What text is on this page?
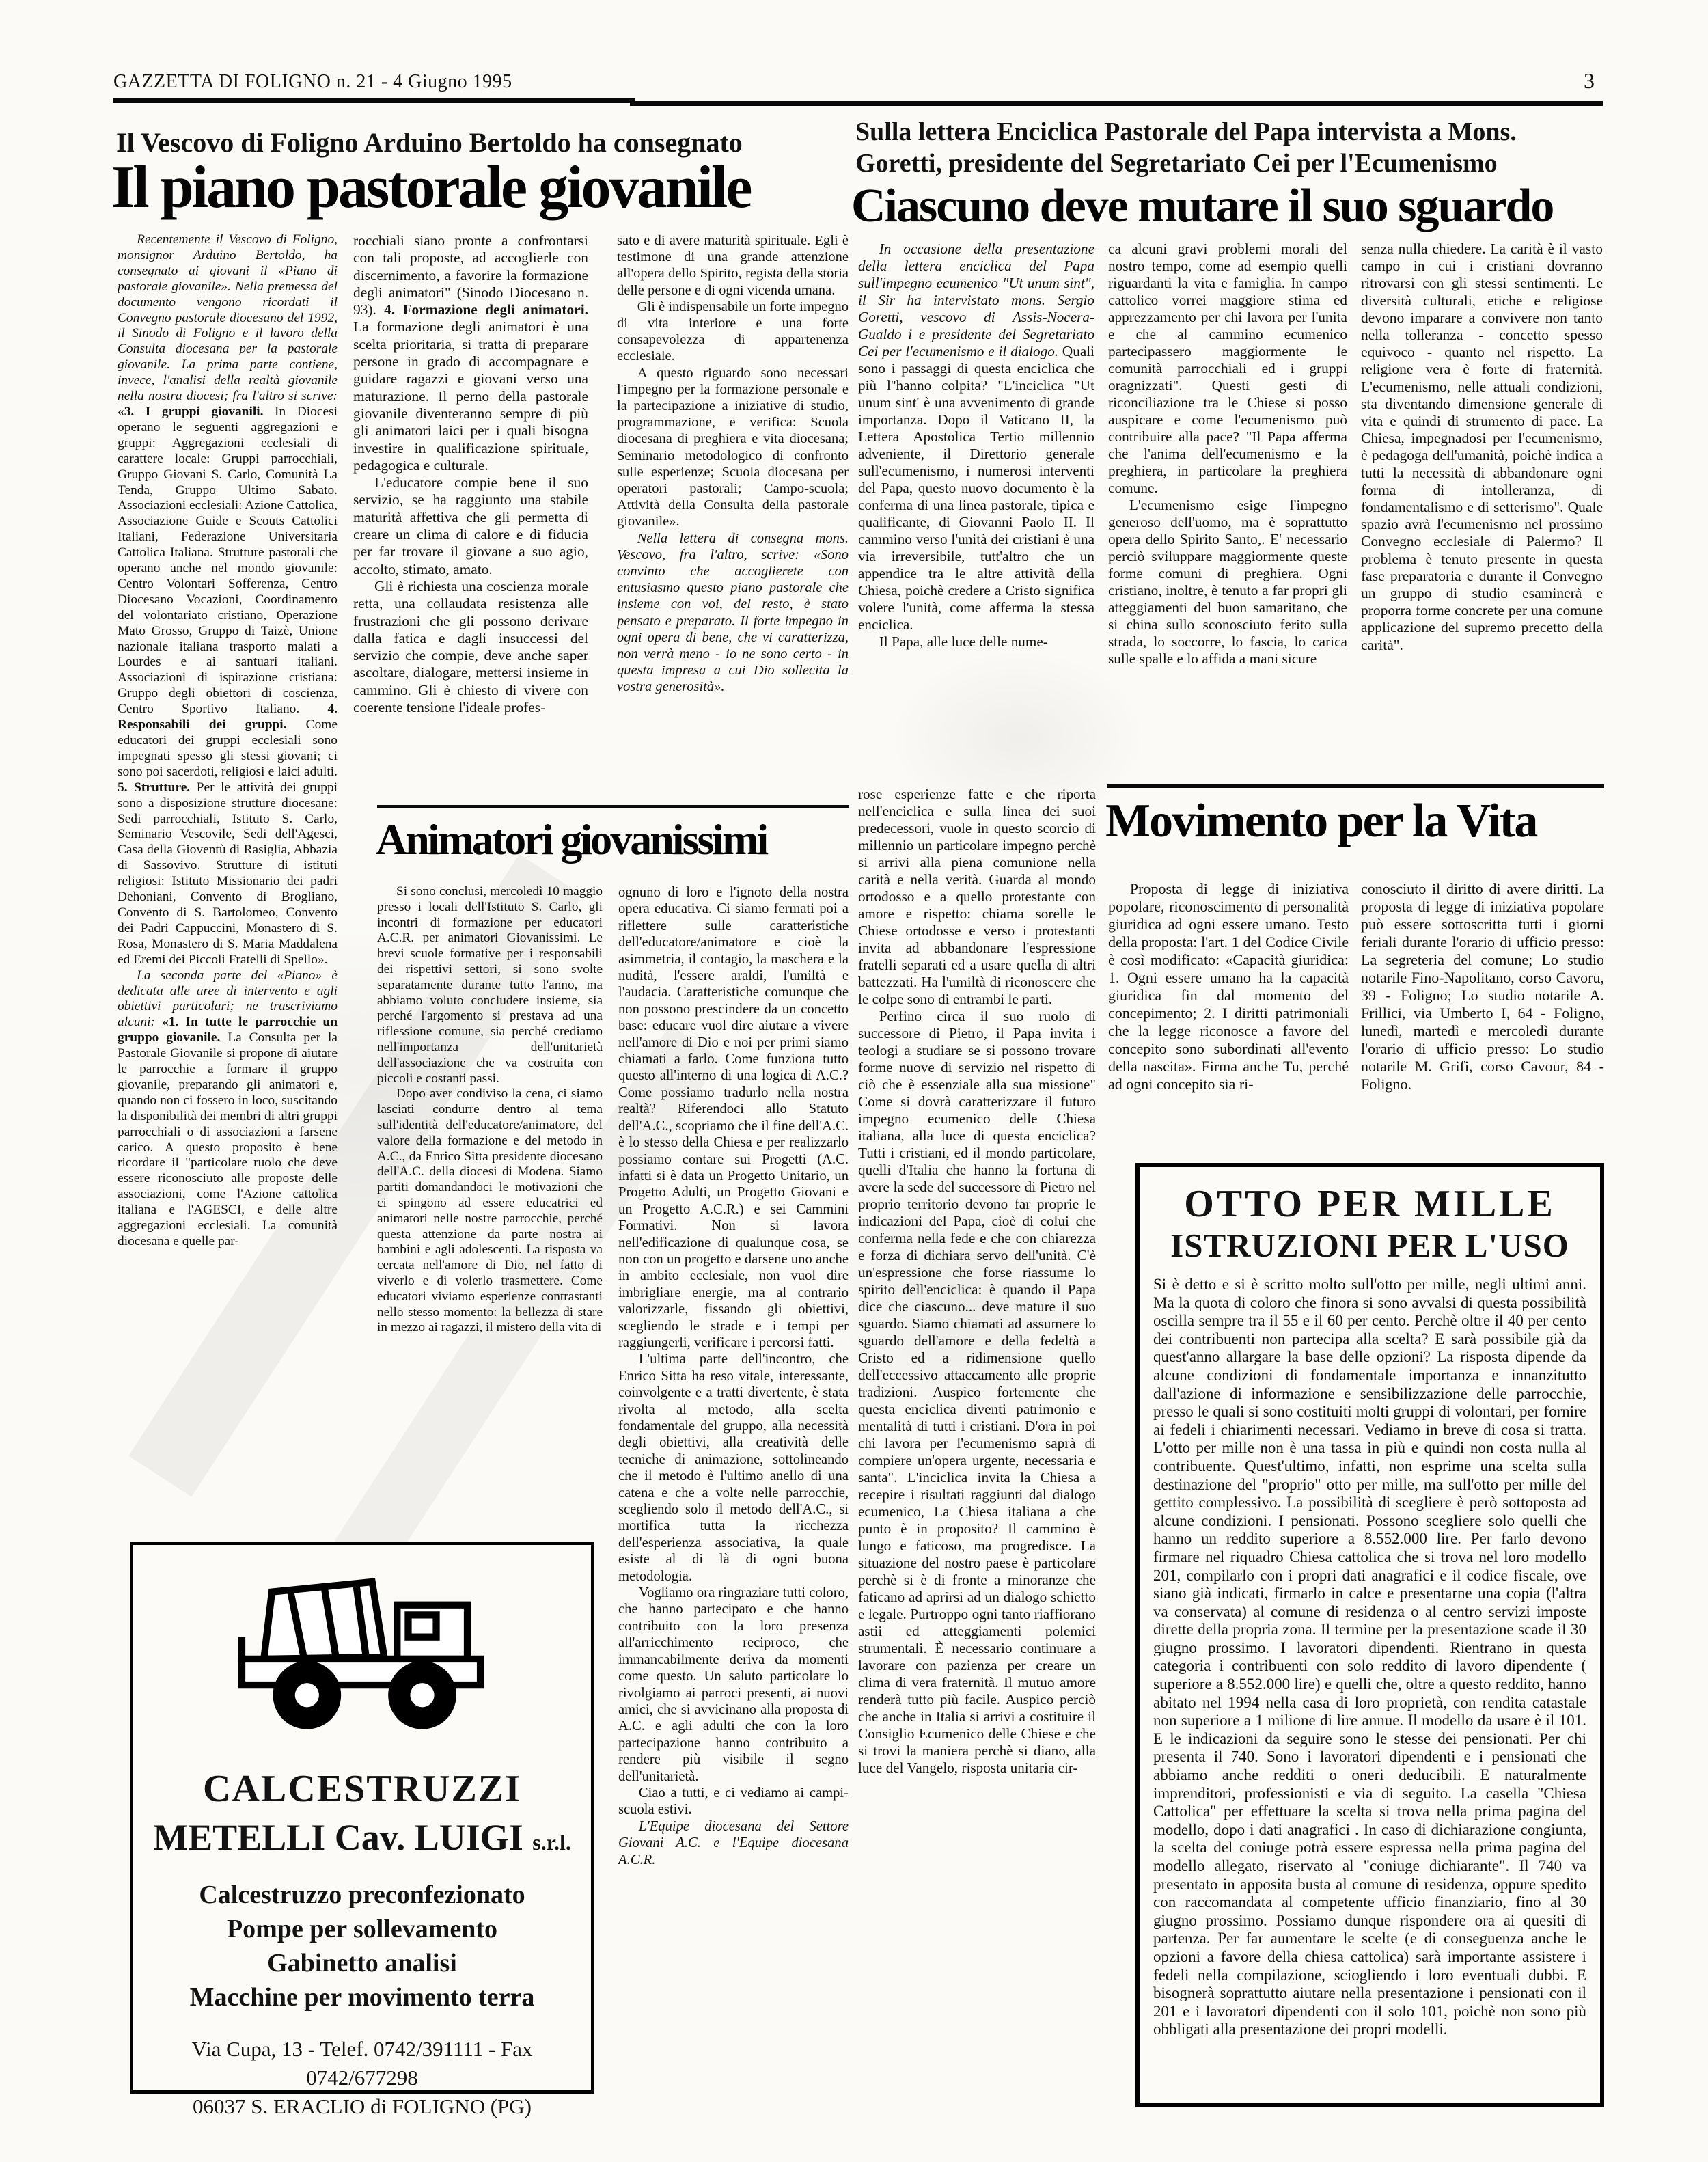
GAZZETTA DI FOLIGNO n. 21 - 4 Giugno 1995	3
Il Vescovo di Foligno Arduino Bertoldo ha consegnato
Il piano pastorale giovanile

Recentemente il Vescovo di Foligno, monsignor Arduino Bertoldo, ha consegnato ai giovani il «Piano di pastorale giovanile». Nella premessa del documento vengono ricordati il Convegno pastorale diocesano del 1992, il Sinodo di Foligno e il lavoro della Consulta diocesana per la pastorale giovanile. La prima parte contiene, invece, l'analisi della realtà giovanile nella nostra diocesi; fra l'altro si scrive: «3. I gruppi giovanili. In Diocesi operano le seguenti aggregazioni e gruppi: Aggregazioni ecclesiali di carattere locale: Gruppi parrocchiali, Gruppo Giovani S. Carlo, Comunità La Tenda, Gruppo Ultimo Sabato. Associazioni ecclesiali: Azione Cattolica, Associazione Guide e Scouts Cattolici Italiani, Federazione Universitaria Cattolica Italiana. Strutture pastorali che operano anche nel mondo giovanile: Centro Volontari Sofferenza, Centro Diocesano Vocazioni, Coordinamento del volontariato cristiano, Operazione Mato Grosso, Gruppo di Taizè, Unione nazionale italiana trasporto malati a Lourdes e ai santuari italiani. Associazioni di ispirazione cristiana: Gruppo degli obiettori di coscienza, Centro Sportivo Italiano. 4. Responsabili dei gruppi. Come educatori dei gruppi ecclesiali sono impegnati spesso gli stessi giovani; ci sono poi sacerdoti, religiosi e laici adulti. 5. Strutture. Per le attività dei gruppi sono a disposizione strutture diocesane: Sedi parrocchiali, Istituto S. Carlo, Seminario Vescovile, Sedi dell'Agesci, Casa della Gioventù di Rasiglia, Abbazia di Sassovivo. Strutture di istituti religiosi: Istituto Missionario dei padri Dehoniani, Convento di Brogliano, Convento di S. Bartolomeo, Convento dei Padri Cappuccini, Monastero di S. Rosa, Monastero di S. Maria Maddalena ed Eremi dei Piccoli Fratelli di Spello».

La seconda parte del «Piano» è dedicata alle aree di intervento e agli obiettivi particolari; ne trascriviamo alcuni: «1. In tutte le parrocchie un gruppo giovanile. La Consulta per la Pastorale Giovanile si propone di aiutare le parrocchie a formare il gruppo giovanile, preparando gli animatori e, quando non ci fossero in loco, suscitando la disponibilità dei membri di altri gruppi parrocchiali o di associazioni a farsene carico. A questo proposito è bene ricordare il "particolare ruolo che deve essere riconosciuto alle proposte delle associazioni, come l'Azione cattolica italiana e l'AGESCI, e delle altre aggregazioni ecclesiali. La comunità diocesana e quelle par-

rocchiali siano pronte a confrontarsi con tali proposte, ad accoglierle con discernimento, a favorire la formazione degli animatori" (Sinodo Diocesano n. 93). 4. Formazione degli animatori. La formazione degli animatori è una scelta prioritaria, si tratta di preparare persone in grado di accompagnare e guidare ragazzi e giovani verso una maturazione. Il perno della pastorale giovanile diventeranno sempre di più gli animatori laici per i quali bisogna investire in qualificazione spirituale, pedagogica e culturale.

L'educatore compie bene il suo servizio, se ha raggiunto una stabile maturità affettiva che gli permetta di creare un clima di calore e di fiducia per far trovare il giovane a suo agio, accolto, stimato, amato.

Gli è richiesta una coscienza morale retta, una collaudata resistenza alle frustrazioni che gli possono derivare dalla fatica e dagli insuccessi del servizio che compie, deve anche saper ascoltare, dialogare, mettersi insieme in cammino. Gli è chiesto di vivere con coerente tensione l'ideale profes-

sato e di avere maturità spirituale. Egli è testimone di una grande attenzione all'opera dello Spirito, regista della storia delle persone e di ogni vicenda umana.

Gli è indispensabile un forte impegno di vita interiore e una forte consapevolezza di appartenenza ecclesiale.

A questo riguardo sono necessari l'impegno per la formazione personale e la partecipazione a iniziative di studio, programmazione, e verifica: Scuola diocesana di preghiera e vita diocesana; Seminario metodologico di confronto sulle esperienze; Scuola diocesana per operatori pastorali; Campo-scuola; Attività della Consulta della pastorale giovanile».

Nella lettera di consegna mons. Vescovo, fra l'altro, scrive: «Sono convinto che accoglierete con entusiasmo questo piano pastorale che insieme con voi, del resto, è stato pensato e preparato. Il forte impegno in ogni opera di bene, che vi caratterizza, non verrà meno - io ne sono certo - in questa impresa a cui Dio sollecita la vostra generosità».

Animatori giovanissimi

Si sono conclusi, mercoledì 10 maggio presso i locali dell'Istituto S. Carlo, gli incontri di formazione per educatori A.C.R. per animatori Giovanissimi. Le brevi scuole formative per i responsabili dei rispettivi settori, si sono svolte separatamente durante tutto l'anno, ma abbiamo voluto concludere insieme, sia perché l'argomento si prestava ad una riflessione comune, sia perché crediamo nell'importanza dell'unitarietà dell'associazione che va costruita con piccoli e costanti passi.

Dopo aver condiviso la cena, ci siamo lasciati condurre dentro al tema sull'identità dell'educatore/animatore, del valore della formazione e del metodo in A.C., da Enrico Sitta presidente diocesano dell'A.C. della diocesi di Modena. Siamo partiti domandandoci le motivazioni che ci spingono ad essere educatrici ed animatori nelle nostre parrocchie, perché questa attenzione da parte nostra ai bambini e agli adolescenti. La risposta va cercata nell'amore di Dio, nel fatto di viverlo e di volerlo trasmettere. Come educatori viviamo esperienze contrastanti nello stesso momento: la bellezza di stare in mezzo ai ragazzi, il mistero della vita di

ognuno di loro e l'ignoto della nostra opera educativa. Ci siamo fermati poi a riflettere sulle caratteristiche dell'educatore/animatore e cioè la asimmetria, il contagio, la maschera e la nudità, l'essere araldi, l'umiltà e l'audacia. Caratteristiche comunque che non possono prescindere da un concetto base: educare vuol dire aiutare a vivere nell'amore di Dio e noi per primi siamo chiamati a farlo. Come funziona tutto questo all'interno di una logica di A.C.? Come possiamo tradurlo nella nostra realtà? Riferendoci allo Statuto dell'A.C., scopriamo che il fine dell'A.C. è lo stesso della Chiesa e per realizzarlo possiamo contare sui Progetti (A.C. infatti si è data un Progetto Unitario, un Progetto Adulti, un Progetto Giovani e un Progetto A.C.R.) e sei Cammini Formativi. Non si lavora nell'edificazione di qualunque cosa, se non con un progetto e darsene uno anche in ambito ecclesiale, non vuol dire imbrigliare energie, ma al contrario valorizzarle, fissando gli obiettivi, scegliendo le strade e i tempi per raggiungerli, verificare i percorsi fatti.

L'ultima parte dell'incontro, che Enrico Sitta ha reso vitale, interessante, coinvolgente e a tratti divertente, è stata rivolta al metodo, alla scelta fondamentale del gruppo, alla necessità degli obiettivi, alla creatività delle tecniche di animazione, sottolineando che il metodo è l'ultimo anello di una catena e che a volte nelle parrocchie, scegliendo solo il metodo dell'A.C., si mortifica tutta la ricchezza dell'esperienza associativa, la quale esiste al di là di ogni buona metodologia.

Vogliamo ora ringraziare tutti coloro, che hanno partecipato e che hanno contribuito con la loro presenza all'arricchimento reciproco, che immancabilmente deriva da momenti come questo. Un saluto particolare lo rivolgiamo ai parroci presenti, ai nuovi amici, che si avvicinano alla proposta di A.C. e agli adulti che con la loro partecipazione hanno contribuito a rendere più visibile il segno dell'unitarietà.

Ciao a tutti, e ci vediamo ai campi-scuola estivi.

L'Equipe diocesana del Settore Giovani A.C. e l'Equipe diocesana A.C.R.

Sulla lettera Enciclica Pastorale del Papa intervista a Mons.
Goretti, presidente del Segretariato Cei per l'Ecumenismo
Ciascuno deve mutare il suo sguardo

In occasione della presentazione della lettera enciclica del Papa sull'impegno ecumenico "Ut unum sint", il Sir ha intervistato mons. Sergio Goretti, vescovo di Assis-Nocera-Gualdo i e presidente del Segretariato Cei per l'ecumenismo e il dialogo. Quali sono i passaggi di questa enciclica che più l''hanno colpita? "L'inciclica "Ut unum sint' è una avvenimento di grande importanza. Dopo il Vaticano II, la Lettera Apostolica Tertio millennio adveniente, il Direttorio generale sull'ecumenismo, i numerosi interventi del Papa, questo nuovo documento è la conferma di una linea pastorale, tipica e qualificante, di Giovanni Paolo II. Il cammino verso l'unità dei cristiani è una via irreversibile, tutt'altro che un appendice tra le altre attività della Chiesa, poichè credere a Cristo significa volere l'unità, come afferma la stessa enciclica.

Il Papa, alle luce delle nume-

ca alcuni gravi problemi morali del nostro tempo, come ad esempio quelli riguardanti la vita e famiglia. In campo cattolico vorrei maggiore stima ed apprezzamento per chi lavora per l'unita e che al cammino ecumenico partecipassero maggiormente le comunità parrocchiali ed i gruppi oragnizzati". Questi gesti di riconciliazione tra le Chiese si posso auspicare e come l'ecumenismo può contribuire alla pace? "Il Papa afferma che l'anima dell'ecumenismo e la preghiera, in particolare la preghiera comune.

L'ecumenismo esige l'impegno generoso dell'uomo, ma è soprattutto opera dello Spirito Santo,. E' necessario perciò sviluppare maggiormente queste forme comuni di preghiera. Ogni cristiano, inoltre, è tenuto a far propri gli atteggiamenti del buon samaritano, che si china sullo sconosciuto ferito sulla strada, lo soccorre, lo fascia, lo carica sulle spalle e lo affida a mani sicure

senza nulla chiedere. La carità è il vasto campo in cui i cristiani dovranno ritrovarsi con gli stessi sentimenti. Le diversità culturali, etiche e religiose devono imparare a convivere non tanto nella tolleranza - concetto spesso equivoco - quanto nel rispetto. La religione vera è forte di fraternità. L'ecumenismo, nelle attuali condizioni, sta diventando dimensione generale di vita e quindi di strumento di pace. La Chiesa, impegnadosi per l'ecumenismo, è pedagoga dell'umanità, poichè indica a tutti la necessità di abbandonare ogni forma di intolleranza, di fondamentalismo e di setterismo". Quale spazio avrà l'ecumenismo nel prossimo Convegno ecclesiale di Palermo? Il problema è tenuto presente in questa fase preparatoria e durante il Convegno un gruppo di studio esaminerà e proporra forme concrete per una comune applicazione del supremo precetto della carità".

rose esperienze fatte e che riporta nell'enciclica e sulla linea dei suoi predecessori, vuole in questo scorcio di millennio un particolare impegno perchè si arrivi alla piena comunione nella carità e nella verità. Guarda al mondo ortodosso e a quello protestante con amore e rispetto: chiama sorelle le Chiese ortodosse e verso i protestanti invita ad abbandonare l'espressione fratelli separati ed a usare quella di altri battezzati. Ha l'umiltà di riconoscere che le colpe sono di entrambi le parti.

Perfino circa il suo ruolo di successore di Pietro, il Papa invita i teologi a studiare se si possono trovare forme nuove di servizio nel rispetto di ciò che è essenziale alla sua missione" Come si dovrà caratterizzare il futuro impegno ecumenico delle Chiesa italiana, alla luce di questa enciclica? Tutti i cristiani, ed il mondo particolare, quelli d'Italia che hanno la fortuna di avere la sede del successore di Pietro nel proprio territorio devono far proprie le indicazioni del Papa, cioè di colui che conferma nella fede e che con chiarezza e forza di dichiara servo dell'unità. C'è un'espressione che forse riassume lo spirito dell'enciclica: è quando il Papa dice che ciascuno... deve mature il suo sguardo. Siamo chiamati ad assumere lo sguardo dell'amore e della fedeltà a Cristo ed a ridimensione quello dell'eccessivo attaccamento alle proprie tradizioni. Auspico fortemente che questa enciclica diventi patrimonio e mentalità di tutti i cristiani. D'ora in poi chi lavora per l'ecumenismo saprà di compiere un'opera urgente, necessaria e santa". L'inciclica invita la Chiesa a recepire i risultati raggiunti dal dialogo ecumenico, La Chiesa italiana a che punto è in proposito? Il cammino è lungo e faticoso, ma progredisce. La situazione del nostro paese è particolare perchè si è di fronte a minoranze che faticano ad aprirsi ad un dialogo schietto e legale. Purtroppo ogni tanto riaffiorano astii ed atteggiamenti polemici strumentali. È necessario continuare a lavorare con pazienza per creare un clima di vera fraternità. Il mutuo amore renderà tutto più facile. Auspico perciò che anche in Italia si arrivi a costituire il Consiglio Ecumenico delle Chiese e che si trovi la maniera perchè si diano, alla luce del Vangelo, risposta unitaria cir-

Movimento per la Vita

Proposta di legge di iniziativa popolare, riconoscimento di personalità giuridica ad ogni essere umano. Testo della proposta: l'art. 1 del Codice Civile è così modificato: «Capacità giuridica: 1. Ogni essere umano ha la capacità giuridica fin dal momento del concepimento; 2. I diritti patrimoniali che la legge riconosce a favore del concepito sono subordinati all'evento della nascita». Firma anche Tu, perché ad ogni concepito sia ri-

conosciuto il diritto di avere diritti. La proposta di legge di iniziativa popolare può essere sottoscritta tutti i giorni feriali durante l'orario di ufficio presso: La segreteria del comune; Lo studio notarile Fino-Napolitano, corso Cavoru, 39 - Foligno; Lo studio notarile A. Frillici, via Umberto I, 64 - Foligno, lunedì, martedì e mercoledì durante l'orario di ufficio presso: Lo studio notarile M. Grifi, corso Cavour, 84 - Foligno.

OTTO PER MILLE

ISTRUZIONI PER L'USO

Si è detto e si è scritto molto sull'otto per mille, negli ultimi anni. Ma la quota di coloro che finora si sono avvalsi di questa possibilità oscilla sempre tra il 55 e il 60 per cento. Perchè oltre il 40 per cento dei contribuenti non partecipa alla scelta? E sarà possibile già da quest'anno allargare la base delle opzioni? La risposta dipende da alcune condizioni di fondamentale importanza e innanzitutto dall'azione di informazione e sensibilizzazione delle parrocchie, presso le quali si sono costituiti molti gruppi di volontari, per fornire ai fedeli i chiarimenti necessari. Vediamo in breve di cosa si tratta. L'otto per mille non è una tassa in più e quindi non costa nulla al contribuente. Quest'ultimo, infatti, non esprime una scelta sulla destinazione del "proprio" otto per mille, ma sull'otto per mille del gettito complessivo. La possibilità di scegliere è però sottoposta ad alcune condizioni. I pensionati. Possono scegliere solo quelli che hanno un reddito superiore a 8.552.000 lire. Per farlo devono firmare nel riquadro Chiesa cattolica che si trova nel loro modello 201, compilarlo con i propri dati anagrafici e il codice fiscale, ove siano già indicati, firmarlo in calce e presentarne una copia (l'altra va conservata) al comune di residenza o al centro servizi imposte dirette della propria zona. Il termine per la presentazione scade il 30 giugno prossimo. I lavoratori dipendenti. Rientrano in questa categoria i contribuenti con solo reddito di lavoro dipendente ( superiore a 8.552.000 lire) e quelli che, oltre a questo reddito, hanno abitato nel 1994 nella casa di loro proprietà, con rendita catastale non superiore a 1 milione di lire annue. Il modello da usare è il 101. E le indicazioni da seguire sono le stesse dei pensionati. Per chi presenta il 740. Sono i lavoratori dipendenti e i pensionati che abbiamo anche redditi o oneri deducibili. E naturalmente imprenditori, professionisti e via di seguito. La casella "Chiesa Cattolica" per effettuare la scelta si trova nella prima pagina del modello, dopo i dati anagrafici . In caso di dichiarazione congiunta, la scelta del coniuge potrà essere espressa nella prima pagina del modello allegato, riservato al "coniuge dichiarante". Il 740 va presentato in apposita busta al comune di residenza, oppure spedito con raccomandata al competente ufficio finanziario, fino al 30 giugno prossimo. Possiamo dunque rispondere ora ai quesiti di partenza. Per far aumentare le scelte (e di conseguenza anche le opzioni a favore della chiesa cattolica) sarà importante assistere i fedeli nella compilazione, sciogliendo i loro eventuali dubbi. E bisognerà soprattutto aiutare nella presentazione i pensionati con il 201 e i lavoratori dipendenti con il solo 101, poichè non sono più obbligati alla presentazione dei propri modelli.

CALCESTRUZZI

METELLI Cav. LUIGI s.r.l.

Calcestruzzo preconfezionato

Pompe per sollevamento

Gabinetto analisi

Macchine per movimento terra

Via Cupa, 13 - Telef. 0742/391111 - Fax 0742/677298

06037 S. ERACLIO di FOLIGNO (PG)
